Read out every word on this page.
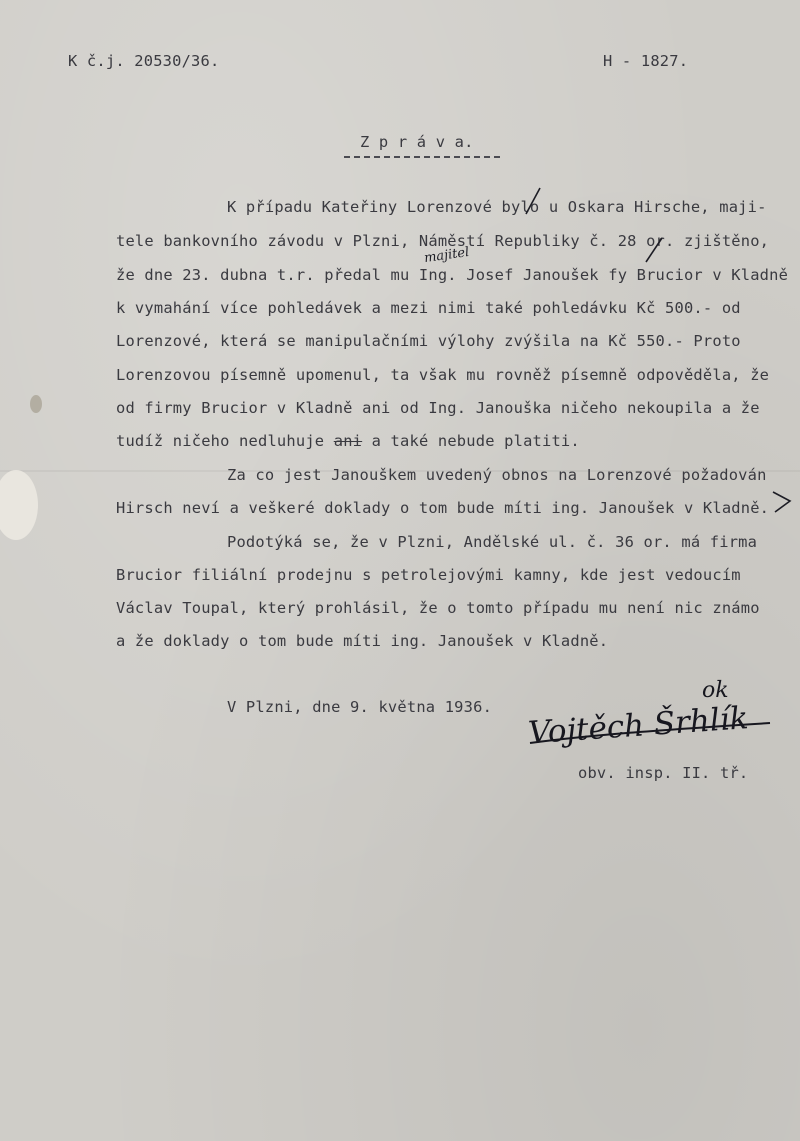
K č.j. 20530/36.	H - 1827.
Z p r á v a.
K případu Kateřiny Lorenzové bylo u Oskara Hirsche, maji-
tele bankovního závodu v Plzni, Náměstí Republiky č. 28 or. zjištěno,
že dne 23. dubna t.r. předal mu Ing. Josef Janoušek fy Brucior v Kladně
k vymahání více pohledávek a mezi nimi také pohledávku Kč 500.- od
Lorenzové, která se manipulačními výlohy zvýšila na Kč 550.- Proto
Lorenzovou písemně upomenul, ta však mu rovněž písemně odpověděla, že
od firmy Brucior v Kladně ani od Ing. Janouška ničeho nekoupila a že
tudíž ničeho nedluhuje ani a také nebude platiti.
Za co jest Janouškem uvedený obnos na Lorenzové požadován
Hirsch neví a veškeré doklady o tom bude míti ing. Janoušek v Kladně.
Podotýká se, že v Plzni, Andělské ul. č. 36 or. má firma
Brucior filiální prodejnu s petrolejovými kamny, kde jest vedoucím
Václav Toupal, který prohlásil, že o tomto případu mu není nic známo
a že doklady o tom bude míti ing. Janoušek v Kladně.
majitel
V Plzni, dne 9. května 1936. Vojtěch Šrhlík
ok
obv. insp. II. tř.
